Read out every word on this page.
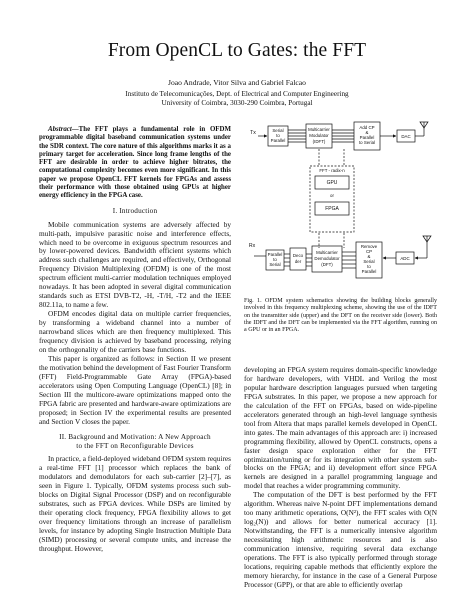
From OpenCL to Gates: the FFT
Joao Andrade, Vitor Silva and Gabriel Falcao
Instituto de Telecomunicações, Dept. of Electrical and Computer Engineering
University of Coimbra, 3030-290 Coimbra, Portugal

Abstract—The FFT plays a fundamental role in OFDM programmable digital baseband communication systems under the SDR context. The core nature of this algorithms marks it as a primary target for acceleration. Since long frame lengths of the FFT are desirable in order to achieve higher bitrates, the computational complexity becomes even more significant. In this paper we propose OpenCL FFT kernels for FPGAs and assess their performance with those obtained using GPUs at higher energy efficiency in the FPGA case.

I. Introduction

Mobile communication systems are adversely affected by multi-path, impulsive parasitic noise and interference effects, which need to be overcome in exiguous spectrum resources and by lower-powered devices. Bandwidth efficient systems which address such challenges are required, and effectively, Orthogonal Frequency Division Multiplexing (OFDM) is one of the most spectrum efficient multi-carrier modulation techniques employed nowadays. It has been adopted in several digital communication standards such as ETSI DVB-T2, -H, -T/H, -T2 and the IEEE 802.11a, to name a few.

OFDM encodes digital data on multiple carrier frequencies, by transforming a wideband channel into a number of narrowband slices which are then frequency multiplexed. This frequency division is achieved by baseband processing, relying on the orthogonality of the carriers base functions.

This paper is organized as follows: in Section II we present the motivation behind the development of Fast Fourier Transform (FFT) Field-Programmable Gate Array (FPGA)-based accelerators using Open Computing Language (OpenCL) [8]; in Section III the multicore-aware optimizations mapped onto the FPGA fabric are presented and hardware-aware optimizations are proposed; in Section IV the experimental results are presented and Section V closes the paper.

II. Background and Motivation: A New Approach
to the FFT on Reconfigurable Devices

In practice, a field-deployed wideband OFDM system requires a real-time FFT [1] processor which replaces the bank of modulators and demodulators for each sub-carrier [2]–[7], as seen in Figure 1. Typically, OFDM systems process such sub-blocks on Digital Signal Processor (DSP) and on reconfigurable substrates, such as FPGA devices. While DSPs are limited by their operating clock frequency, FPGA flexibility allows to get over frequency limitations through an increase of parallelism levels, for instance by adopting Single Instruction Multiple Data (SIMD) processing or several compute units, and increase the throughput. However,

Tx
Rx
Serial
to
Parallel
Multicarrier
Modulator
(IDFT)
Add CP
&
Parallel
to Serial
DAC
FFT - radix-n
GPU
or
FPGA
Parallel
to
Serial
Deco
der
Multicarrier
Demodulator
(DFT)
Remove
CP
&
Serial
to
Parallel
ADC
Fig. 1. OFDM system schematics showing the building blocks generally involved in this frequency multiplexing scheme, showing the use of the IDFT on the transmitter side (upper) and the DFT on the receiver side (lower). Both the IDFT and the DFT can be implemented via the FFT algorithm, running on a GPU or in an FPGA.

developing an FPGA system requires domain-specific knowledge for hardware developers, with VHDL and Verilog the most popular hardware description languages pursued when targeting FPGA substrates. In this paper, we propose a new approach for the calculation of the FFT on FPGAs, based on wide-pipeline accelerators generated through an high-level language synthesis tool from Altera that maps parallel kernels developed in OpenCL into gates. The main advantages of this approach are: i) increased programming flexibility, allowed by OpenCL constructs, opens a faster design space exploration either for the FFT optimization/tuning or for its integration with other system sub-blocks on the FPGA; and ii) development effort since FPGA kernels are designed in a parallel programming language and model that reaches a wider programming community.

The computation of the DFT is best performed by the FFT algorithm. Whereas naive N-point DFT implementations demand too many arithmetic operations, O(N²), the FFT scales with O(N log₂(N)) and allows for better numerical accuracy [1]. Notwithstanding, the FFT is a numerically intensive algorithm necessitating high arithmetic resources and is also communication intensive, requiring several data exchange operations. The FFT is also typically performed through storage locations, requiring capable methods that efficiently explore the memory hierarchy, for instance in the case of a General Purpose Processor (GPP), or that are able to efficiently overlap
